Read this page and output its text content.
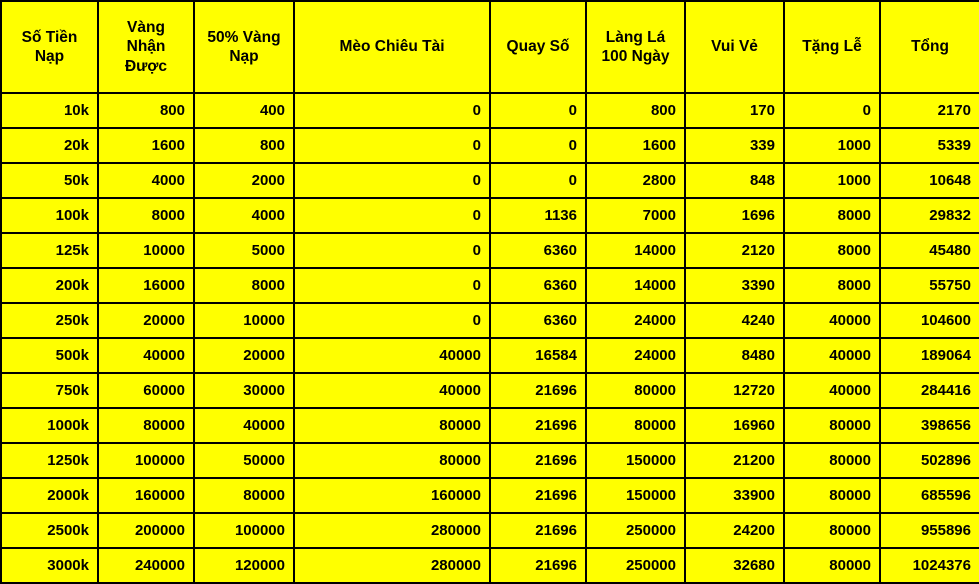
Số Tiền Nạp	Vàng Nhận Được	50% Vàng Nạp	Mèo Chiêu Tài	Quay Số	Làng Lá 100 Ngày	Vui Vẻ	Tặng Lễ	Tổng
10k	800	400	0	0	800	170	0	2170
20k	1600	800	0	0	1600	339	1000	5339
50k	4000	2000	0	0	2800	848	1000	10648
100k	8000	4000	0	1136	7000	1696	8000	29832
125k	10000	5000	0	6360	14000	2120	8000	45480
200k	16000	8000	0	6360	14000	3390	8000	55750
250k	20000	10000	0	6360	24000	4240	40000	104600
500k	40000	20000	40000	16584	24000	8480	40000	189064
750k	60000	30000	40000	21696	80000	12720	40000	284416
1000k	80000	40000	80000	21696	80000	16960	80000	398656
1250k	100000	50000	80000	21696	150000	21200	80000	502896
2000k	160000	80000	160000	21696	150000	33900	80000	685596
2500k	200000	100000	280000	21696	250000	24200	80000	955896
3000k	240000	120000	280000	21696	250000	32680	80000	1024376
